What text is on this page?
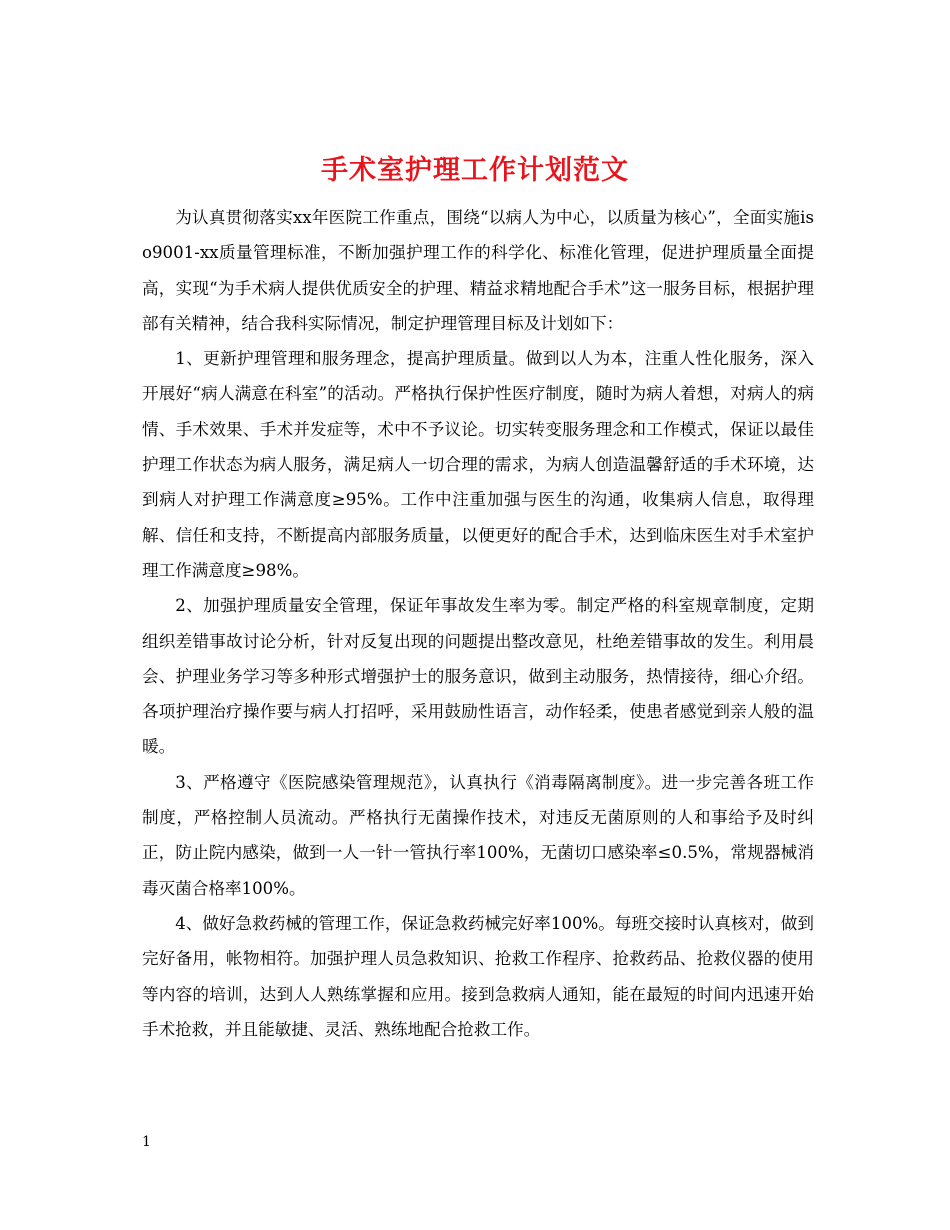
手术室护理工作计划范文

为认真贯彻落实xx年医院工作重点，围绕“以病人为中心，以质量为核心”，全面实施iso9001-xx质量管理标准，不断加强护理工作的科学化、标准化管理，促进护理质量全面提高，实现“为手术病人提供优质安全的护理、精益求精地配合手术”这一服务目标，根据护理部有关精神，结合我科实际情况，制定护理管理目标及计划如下：

1、更新护理管理和服务理念，提高护理质量。做到以人为本，注重人性化服务，深入开展好“病人满意在科室”的活动。严格执行保护性医疗制度，随时为病人着想，对病人的病情、手术效果、手术并发症等，术中不予议论。切实转变服务理念和工作模式，保证以最佳护理工作状态为病人服务，满足病人一切合理的需求，为病人创造温馨舒适的手术环境，达到病人对护理工作满意度≥95%。工作中注重加强与医生的沟通，收集病人信息，取得理解、信任和支持，不断提高内部服务质量，以便更好的配合手术，达到临床医生对手术室护理工作满意度≥98%。

2、加强护理质量安全管理，保证年事故发生率为零。制定严格的科室规章制度，定期组织差错事故讨论分析，针对反复出现的问题提出整改意见，杜绝差错事故的发生。利用晨会、护理业务学习等多种形式增强护士的服务意识，做到主动服务，热情接待，细心介绍。各项护理治疗操作要与病人打招呼，采用鼓励性语言，动作轻柔，使患者感觉到亲人般的温暖。

3、严格遵守《医院感染管理规范》，认真执行《消毒隔离制度》。进一步完善各班工作制度，严格控制人员流动。严格执行无菌操作技术，对违反无菌原则的人和事给予及时纠正，防止院内感染，做到一人一针一管执行率100%，无菌切口感染率≤0.5%，常规器械消毒灭菌合格率100%。

4、做好急救药械的管理工作，保证急救药械完好率100%。每班交接时认真核对，做到完好备用，帐物相符。加强护理人员急救知识、抢救工作程序、抢救药品、抢救仪器的使用等内容的培训，达到人人熟练掌握和应用。接到急救病人通知，能在最短的时间内迅速开始手术抢救，并且能敏捷、灵活、熟练地配合抢救工作。

1
